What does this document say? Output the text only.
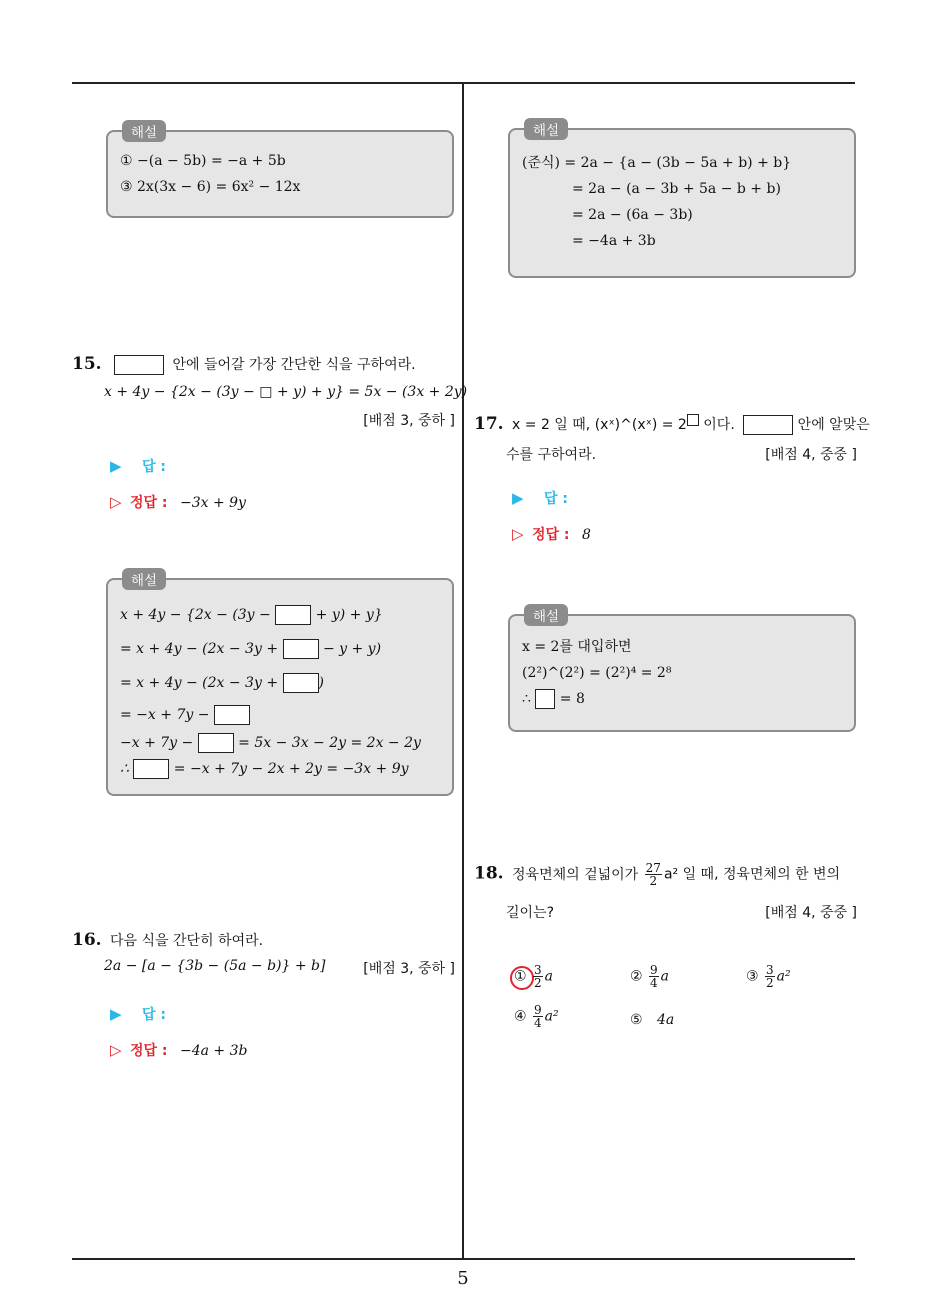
해설
① −(a − 5b) = −a + 5b
③ 2x(3x − 6) = 6x² − 12x
15.	안에 들어갈 가장 간단한 식을 구하여라.
x + 4y − {2x − (3y − □ + y) + y} = 5x − (3x + 2y)
[배점 3, 중하 ]
▶ 답 :
▷ 정답 : −3x + 9y
해설
x + 4y − {2x − (3y −	+ y) + y}
= x + 4y − (2x − 3y +	− y + y)
= x + 4y − (2x − 3y +	)
= −x + 7y −
−x + 7y −	= 5x − 3x − 2y = 2x − 2y
∴	= −x + 7y − 2x + 2y = −3x + 9y
16. 다음 식을 간단히 하여라.
2a − [a − {3b − (5a − b)} + b]	[배점 3, 중하 ]
▶ 답 :
▷ 정답 : −4a + 3b
해설
(준식) = 2a − {a − (3b − 5a + b) + b}
= 2a − (a − 3b + 5a − b + b)
= 2a − (6a − 3b)
= −4a + 3b
17. x = 2 일 때, (xˣ)^(xˣ) = 2 이다.	안에 알맞은
수를 구하여라.	[배점 4, 중중 ]
▶ 답 :
▷ 정답 : 8
해설
x = 2를 대입하면
(2²)^(2²) = (2²)⁴ = 2⁸
∴  = 8
18. 정육면체의 겉넓이가 $\frac{27}{2} a^2$ 일 때, 정육면체의 한 변의
길이는?	[배점 4, 중중 ]
① $\frac{3}{2}$ a	② $\frac{9}{4}$ a	③ $\frac{3}{2} a^2$
④ $\frac{9}{4} a^2$	⑤ 4a
5
